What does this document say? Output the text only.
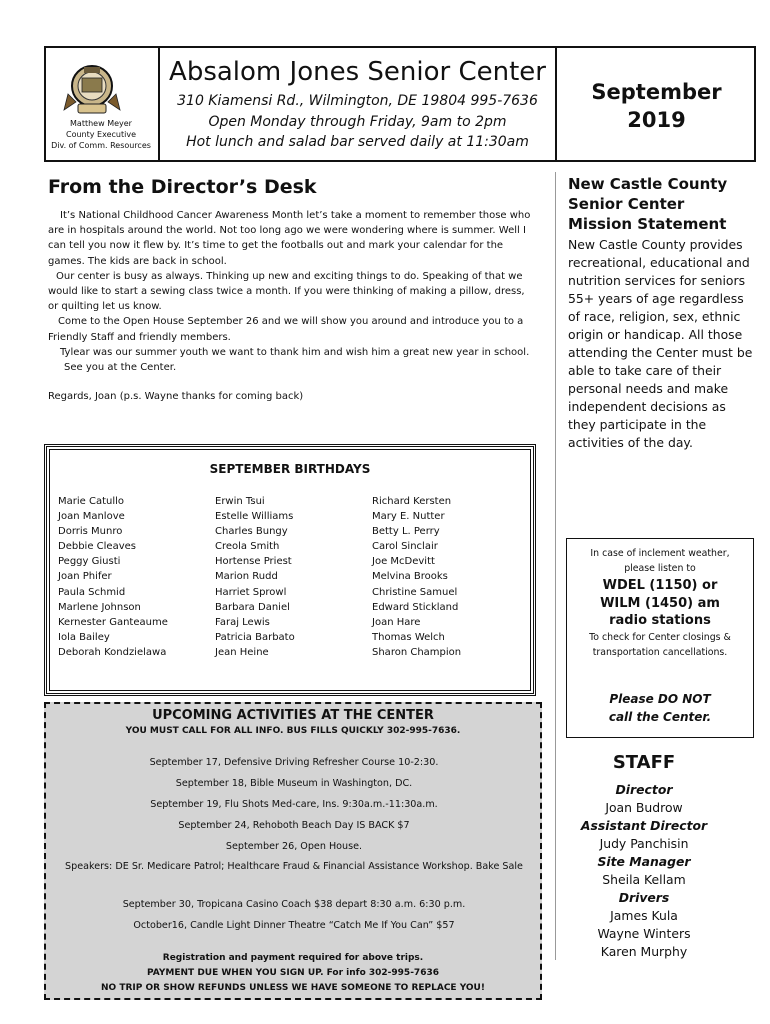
Matthew Meyer
County Executive
Div. of Comm. Resources
Absalom Jones Senior Center
310 Kiamensi Rd., Wilmington, DE 19804 995-7636
Open Monday through Friday, 9am to 2pm
Hot lunch and salad bar served daily at 11:30am
September
2019
From the Director’s Desk

It’s National Childhood Cancer Awareness Month let’s take a moment to remember those who are in hospitals around the world. Not too long ago we were wondering where is summer. Well I can tell you now it flew by. It’s time to get the footballs out and mark your calendar for the games. The kids are back in school.

Our center is busy as always. Thinking up new and exciting things to do. Speaking of that we would like to start a sewing class twice a month. If you were thinking of making a pillow, dress, or quilting let us know.

Come to the Open House September 26 and we will show you around and introduce you to a Friendly Staff and friendly members.

Tylear was our summer youth we want to thank him and wish him a great new year in school.

See you at the Center.

Regards, Joan (p.s. Wayne thanks for coming back)

SEPTEMBER BIRTHDAYS
Marie Catullo
Joan Manlove
Dorris Munro
Debbie Cleaves
Peggy Giusti
Joan Phifer
Paula Schmid
Marlene Johnson
Kernester Ganteaume
Iola Bailey
Deborah Kondzielawa
Erwin Tsui
Estelle Williams
Charles Bungy
Creola Smith
Hortense Priest
Marion Rudd
Harriet Sprowl
Barbara Daniel
Faraj Lewis
Patricia Barbato
Jean Heine
Richard Kersten
Mary E. Nutter
Betty L. Perry
Carol Sinclair
Joe McDevitt
Melvina Brooks
Christine Samuel
Edward Stickland
Joan Hare
Thomas Welch
Sharon Champion
UPCOMING ACTIVITIES AT THE CENTER
YOU MUST CALL FOR ALL INFO. BUS FILLS QUICKLY 302-995-7636.
September 17, Defensive Driving Refresher Course 10-2:30.
September 18, Bible Museum in Washington, DC.
September 19, Flu Shots Med-care, Ins. 9:30a.m.-11:30a.m.
September 24, Rehoboth Beach Day IS BACK $7
September 26, Open House.
Speakers: DE Sr. Medicare Patrol; Healthcare Fraud & Financial Assistance Workshop. Bake Sale
September 30, Tropicana Casino Coach $38 depart 8:30 a.m. 6:30 p.m.
October16, Candle Light Dinner Theatre “Catch Me If You Can” $57
Registration and payment required for above trips.
PAYMENT DUE WHEN YOU SIGN UP. For info 302-995-7636
NO TRIP OR SHOW REFUNDS UNLESS WE HAVE SOMEONE TO REPLACE YOU!
New Castle County Senior Center Mission Statement
New Castle County provides recreational, educational and nutrition services for seniors 55+ years of age regardless of race, religion, sex, ethnic origin or handicap. All those attending the Center must be able to take care of their personal needs and make independent decisions as they participate in the activities of the day.
In case of inclement weather, please listen to
WDEL (1150) or WILM (1450) am radio stations
To check for Center closings & transportation cancellations.
Please DO NOT call the Center.
STAFF
Director
Joan Budrow
Assistant Director
Judy Panchisin
Site Manager
Sheila Kellam
Drivers
James Kula
Wayne Winters
Karen Murphy
